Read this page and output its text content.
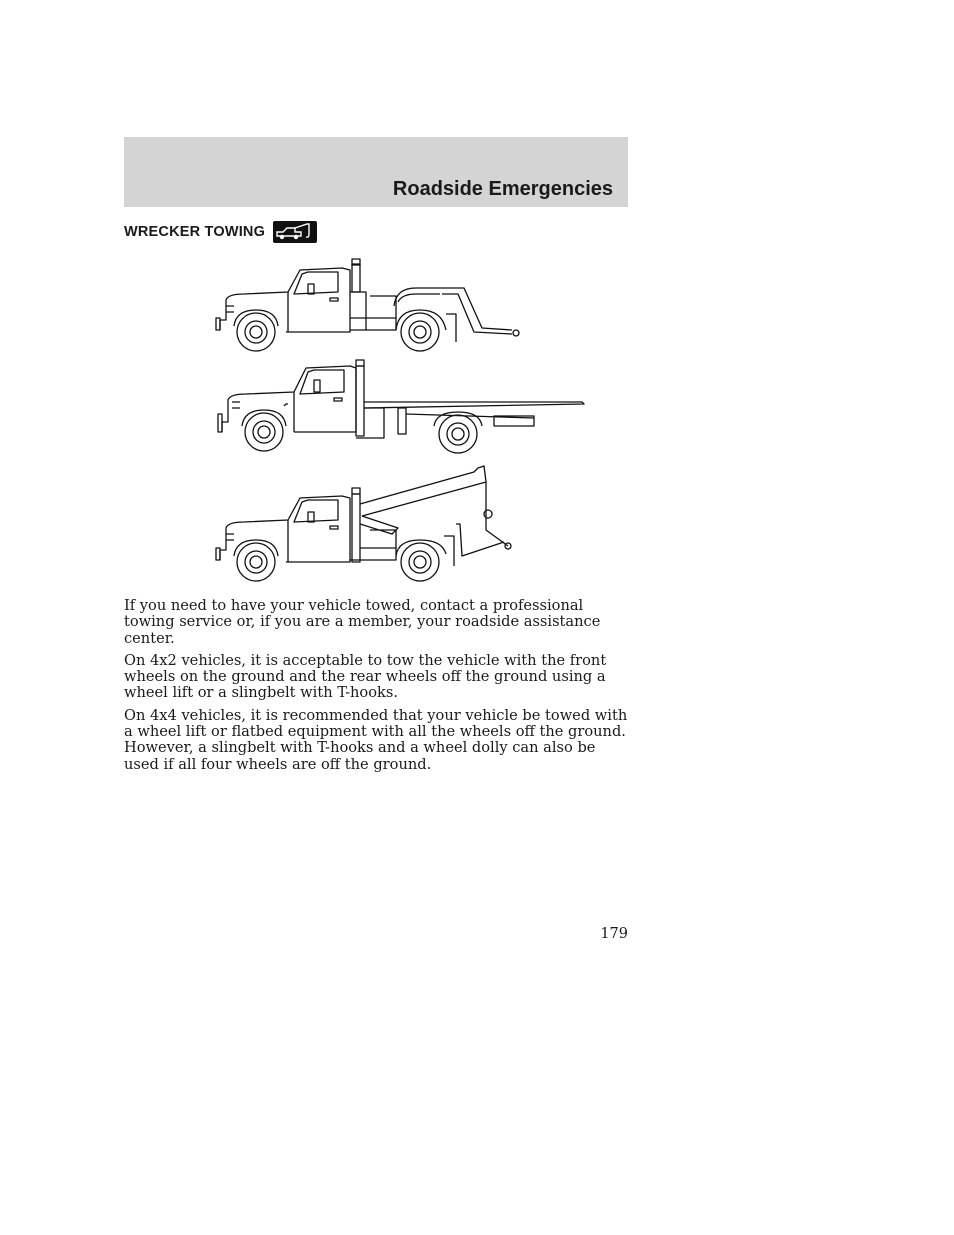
Roadside Emergencies
WRECKER TOWING

If you need to have your vehicle towed, contact a professional towing service or, if you are a member, your roadside assistance center.

On 4x2 vehicles, it is acceptable to tow the vehicle with the front wheels on the ground and the rear wheels off the ground using a wheel lift or a slingbelt with T-hooks.

On 4x4 vehicles, it is recommended that your vehicle be towed with a wheel lift or flatbed equipment with all the wheels off the ground. However, a slingbelt with T-hooks and a wheel dolly can also be used if all four wheels are off the ground.

179
